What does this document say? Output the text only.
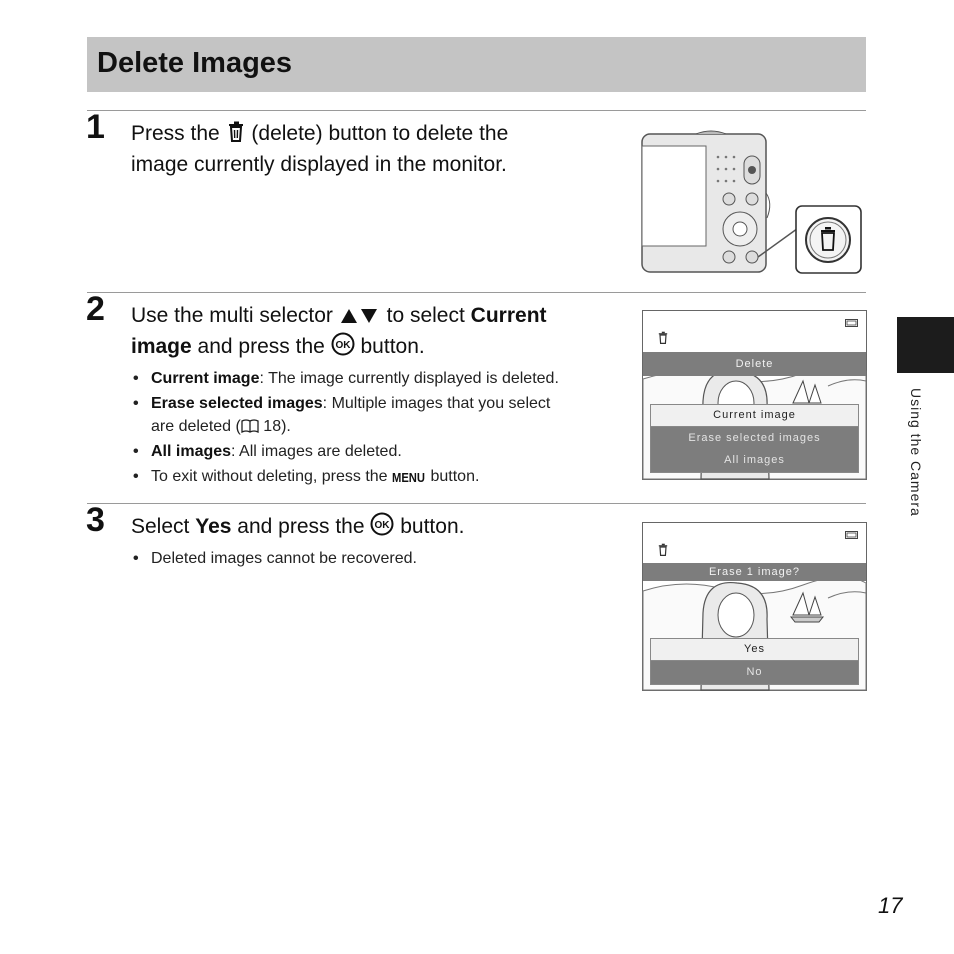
Delete Images
1 Press the (delete) button to delete the
image currently displayed in the monitor.
2 Use the multi selector	to select Current
image and press the OK button.
• Current image: The image currently displayed is deleted.
• Erase selected images: Multiple images that you select
are deleted ( 18).
• All images: All images are deleted.
• To exit without deleting, press the MENU button.
Delete
Current image
Erase selected images
All images
3 Select Yes and press the OK button.
• Deleted images cannot be recovered.
Erase 1 image?
Yes
No
Using the Camera
17
